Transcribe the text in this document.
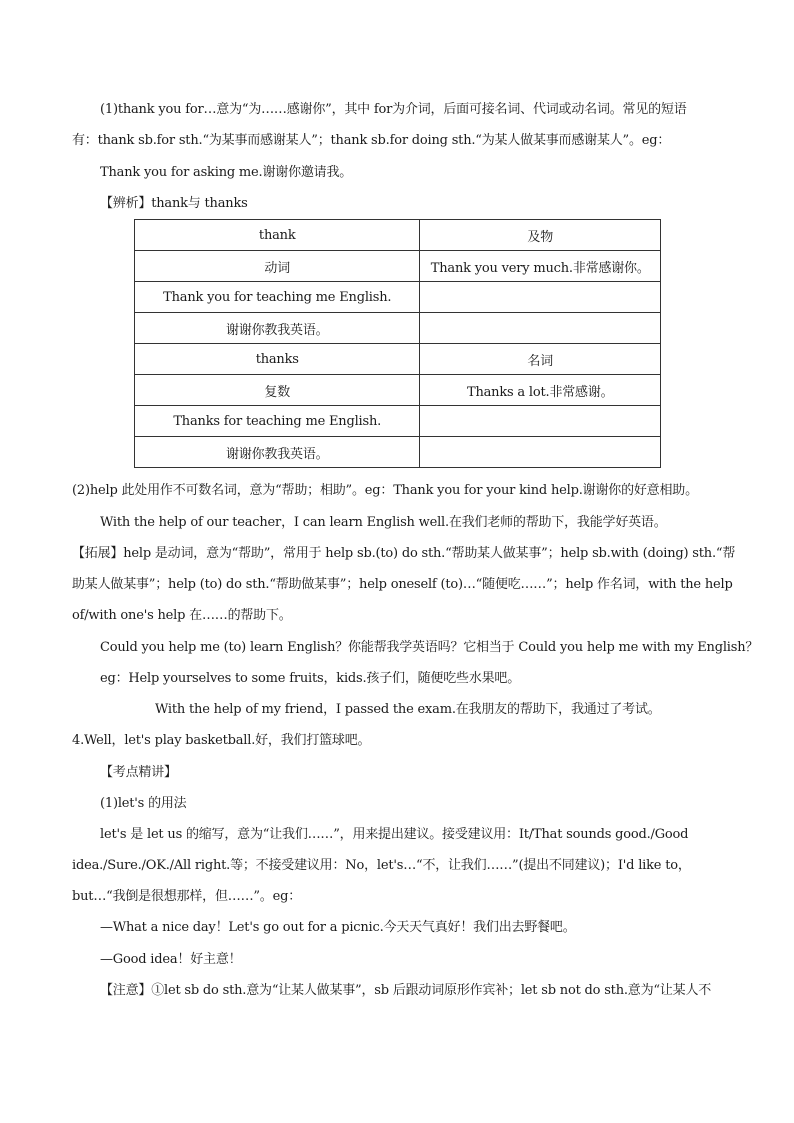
(1)thank you for…意为“为……感谢你”，其中 for为介词，后面可接名词、代词或动名词。常见的短语
有：thank sb.for sth.“为某事而感谢某人”；thank sb.for doing sth.“为某人做某事而感谢某人”。eg：
Thank you for asking me.谢谢你邀请我。
【辨析】thank与 thanks
thank	及物
动词	Thank you very much.非常感谢你。
Thank you for teaching me English.	
谢谢你教我英语。	
thanks	名词
复数	Thanks a lot.非常感谢。
Thanks for teaching me English.	
谢谢你教我英语。	
(2)help 此处用作不可数名词，意为“帮助；相助”。eg：Thank you for your kind help.谢谢你的好意相助。
With the help of our teacher，I can learn English well.在我们老师的帮助下，我能学好英语。
【拓展】help 是动词，意为“帮助”，常用于 help sb.(to) do sth.“帮助某人做某事”；help sb.with (doing) sth.“帮
助某人做某事”；help (to) do sth.“帮助做某事”；help oneself (to)…“随便吃……”；help 作名词，with the help
of/with one's help 在……的帮助下。
Could you help me (to) learn English？你能帮我学英语吗？它相当于 Could you help me with my English？
eg：Help yourselves to some fruits，kids.孩子们，随便吃些水果吧。
With the help of my friend，I passed the exam.在我朋友的帮助下，我通过了考试。
4.Well，let's play basketball.好，我们打篮球吧。
【考点精讲】
(1)let's 的用法
let's 是 let us 的缩写，意为“让我们……”，用来提出建议。接受建议用：It/That sounds good./Good
idea./Sure./OK./All right.等；不接受建议用：No，let's…“不，让我们……”(提出不同建议)；I'd like to，
but…“我倒是很想那样，但……”。eg：
—What a nice day！Let's go out for a picnic.今天天气真好！我们出去野餐吧。
—Good idea！好主意！
【注意】①let sb do sth.意为“让某人做某事”，sb 后跟动词原形作宾补；let sb not do sth.意为“让某人不
